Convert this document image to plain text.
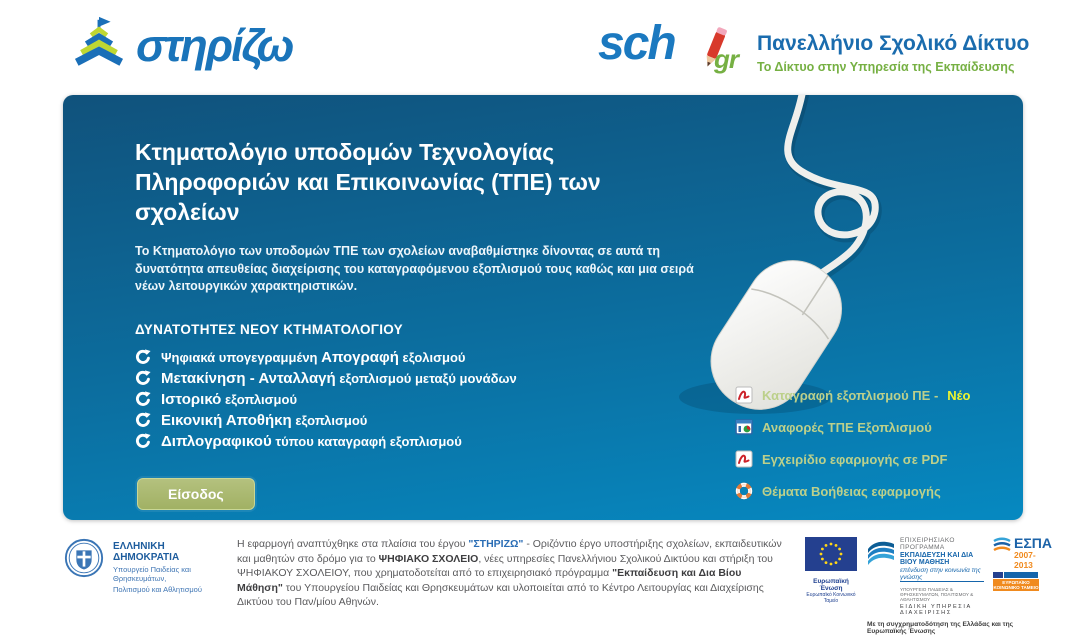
στηρίζω	sch gr
Πανελλήνιο Σχολικό Δίκτυο
Το Δίκτυο στην Υπηρεσία της Εκπαίδευσης
Κτηματολόγιο υποδομών Τεχνολογίας Πληροφοριών και Επικοινωνίας (ΤΠΕ) των σχολείων
Το Κτηματολόγιο των υποδομών ΤΠΕ των σχολείων αναβαθμίστηκε δίνοντας σε αυτά τη δυνατότητα απευθείας διαχείρισης του καταγραφόμενου εξοπλισμού τους καθώς και μια σειρά νέων λειτουργικών χαρακτηριστικών.
ΔΥΝΑΤΟΤΗΤΕΣ ΝΕΟΥ ΚΤΗΜΑΤΟΛΟΓΙΟΥ
Ψηφιακά υπογεγραμμένη Απογραφή εξολισμού
Μετακίνηση - Ανταλλαγή εξοπλισμού μεταξύ μονάδων
Ιστορικό εξοπλισμού
Εικονική Αποθήκη εξοπλισμού
Διπλογραφικού τύπου καταγραφή εξοπλισμού
Είσοδος
Καταγραφή εξοπλισμού ΠΕ - Νέο
Αναφορές ΤΠΕ Εξοπλισμού
Εγχειρίδιο εφαρμογής σε PDF
Θέματα Βοήθειας εφαρμογής
ΕΛΛΗΝΙΚΗ ΔΗΜΟΚΡΑΤΙΑ
Υπουργείο Παιδείας και Θρησκευμάτων,
Πολιτισμού και Αθλητισμού
Η εφαρμογή αναπτύχθηκε στα πλαίσια του έργου "ΣΤΗΡΙΖΩ" - Οριζόντιο έργο υποστήριξης σχολείων, εκπαιδευτικών και μαθητών στο δρόμο για το ΨΗΦΙΑΚΟ ΣΧΟΛΕΙΟ, νέες υπηρεσίες Πανελλήνιου Σχολικού Δικτύου και στήριξη του ΨΗΦΙΑΚΟΥ ΣΧΟΛΕΙΟΥ, που χρηματοδοτείται από το επιχειρησιακό πρόγραμμα "Εκπαίδευση και Δια Βίου Μάθηση" του Υπουργείου Παιδείας και Θρησκευμάτων και υλοποιείται από το Κέντρο Λειτουργίας και Διαχείρισης Δικτύου του Παν/μίου Αθηνών.
Ευρωπαϊκή Ένωση
Ευρωπαϊκό Κοινωνικό Ταμείο
ΕΠΙΧΕΙΡΗΣΙΑΚΟ ΠΡΟΓΡΑΜΜΑ
ΕΚΠΑΙΔΕΥΣΗ ΚΑΙ ΔΙΑ ΒΙΟΥ ΜΑΘΗΣΗ
επένδυση στην κοινωνία της γνώσης
ΥΠΟΥΡΓΕΙΟ ΠΑΙΔΕΙΑΣ & ΘΡΗΣΚΕΥΜΑΤΩΝ, ΠΟΛΙΤΙΣΜΟΥ & ΑΘΛΗΤΙΣΜΟΥ
ΕΙΔΙΚΗ ΥΠΗΡΕΣΙΑ ΔΙΑΧΕΙΡΙΣΗΣ
ΕΣΠΑ
2007-2013
ΕΥΡΩΠΑΪΚΟ ΚΟΙΝΩΝΙΚΟ ΤΑΜΕΙΟ
Με τη συγχρηματοδότηση της Ελλάδας και της Ευρωπαϊκής Ένωσης
